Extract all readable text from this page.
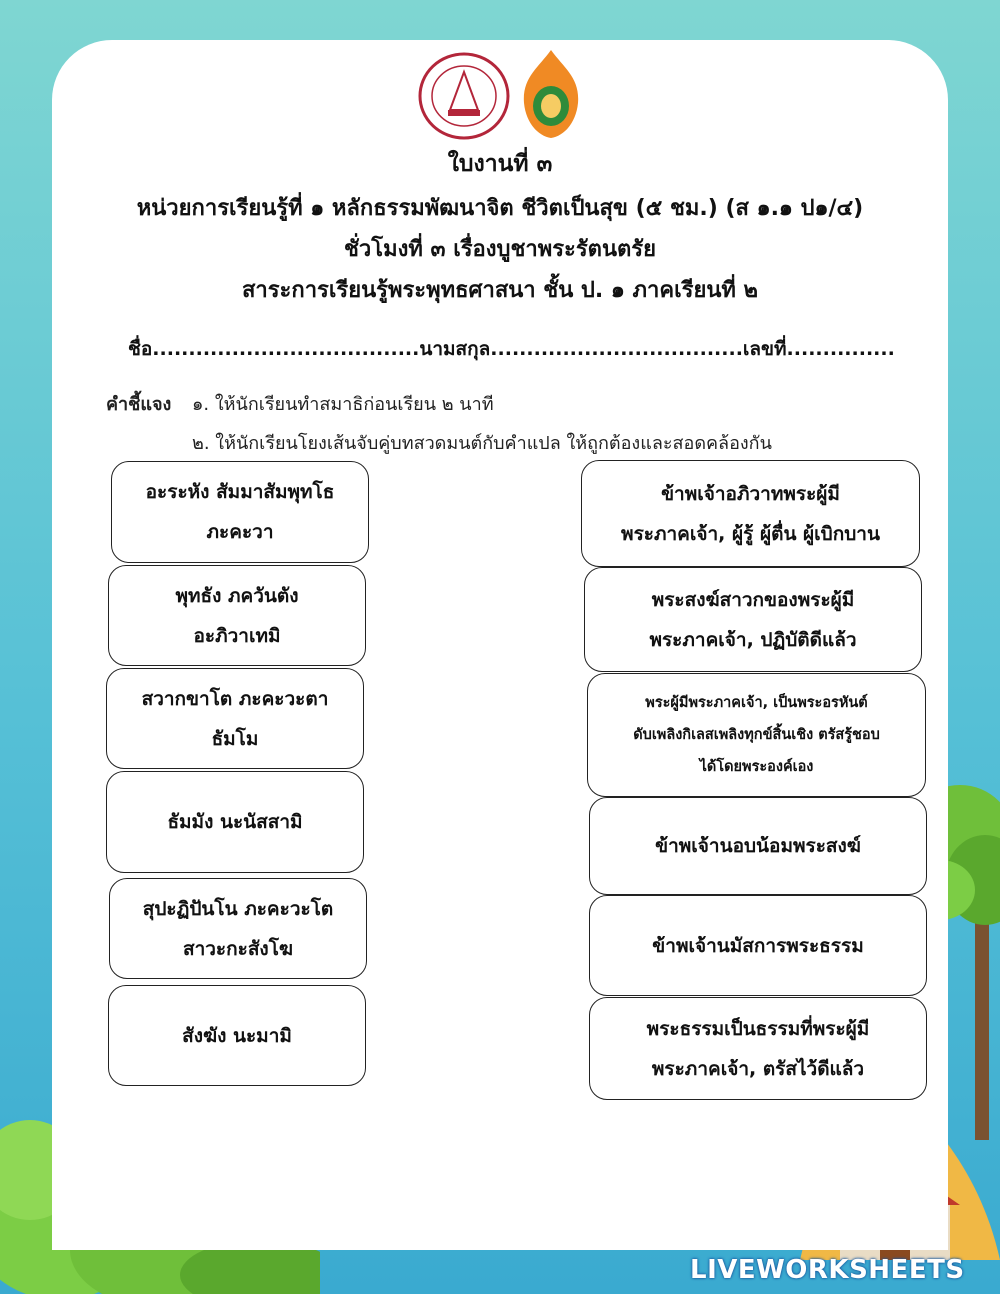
ใบงานที่ ๓
หน่วยการเรียนรู้ที่ ๑ หลักธรรมพัฒนาจิต ชีวิตเป็นสุข (๕ ชม.) (ส ๑.๑ ป๑/๔)
ชั่วโมงที่ ๓ เรื่องบูชาพระรัตนตรัย
สาระการเรียนรู้พระพุทธศาสนา ชั้น ป. ๑ ภาคเรียนที่ ๒
ชื่อ.....................................นามสกุล...................................เลขที่...............
คำชี้แจง ๑. ให้นักเรียนทำสมาธิก่อนเรียน ๒ นาที
๒. ให้นักเรียนโยงเส้นจับคู่บทสวดมนต์กับคำแปล ให้ถูกต้องและสอดคล้องกัน
อะระหัง สัมมาสัมพุทโธ
ภะคะวา
พุทธัง ภควันตัง
อะภิวาเทมิ
สวากขาโต ภะคะวะตา
ธัมโม
ธัมมัง นะนัสสามิ
สุปะฏิปันโน ภะคะวะโต
สาวะกะสังโฆ
สังฆัง นะมามิ
ข้าพเจ้าอภิวาทพระผู้มี
พระภาคเจ้า, ผู้รู้ ผู้ตื่น ผู้เบิกบาน
พระสงฆ์สาวกของพระผู้มี
พระภาคเจ้า, ปฏิบัติดีแล้ว
พระผู้มีพระภาคเจ้า, เป็นพระอรหันต์
ดับเพลิงกิเลสเพลิงทุกข์สิ้นเชิง ตรัสรู้ชอบ
ได้โดยพระองค์เอง
ข้าพเจ้านอบน้อมพระสงฆ์
ข้าพเจ้านมัสการพระธรรม
พระธรรมเป็นธรรมที่พระผู้มี
พระภาคเจ้า, ตรัสไว้ดีแล้ว
LIVEWORKSHEETS
